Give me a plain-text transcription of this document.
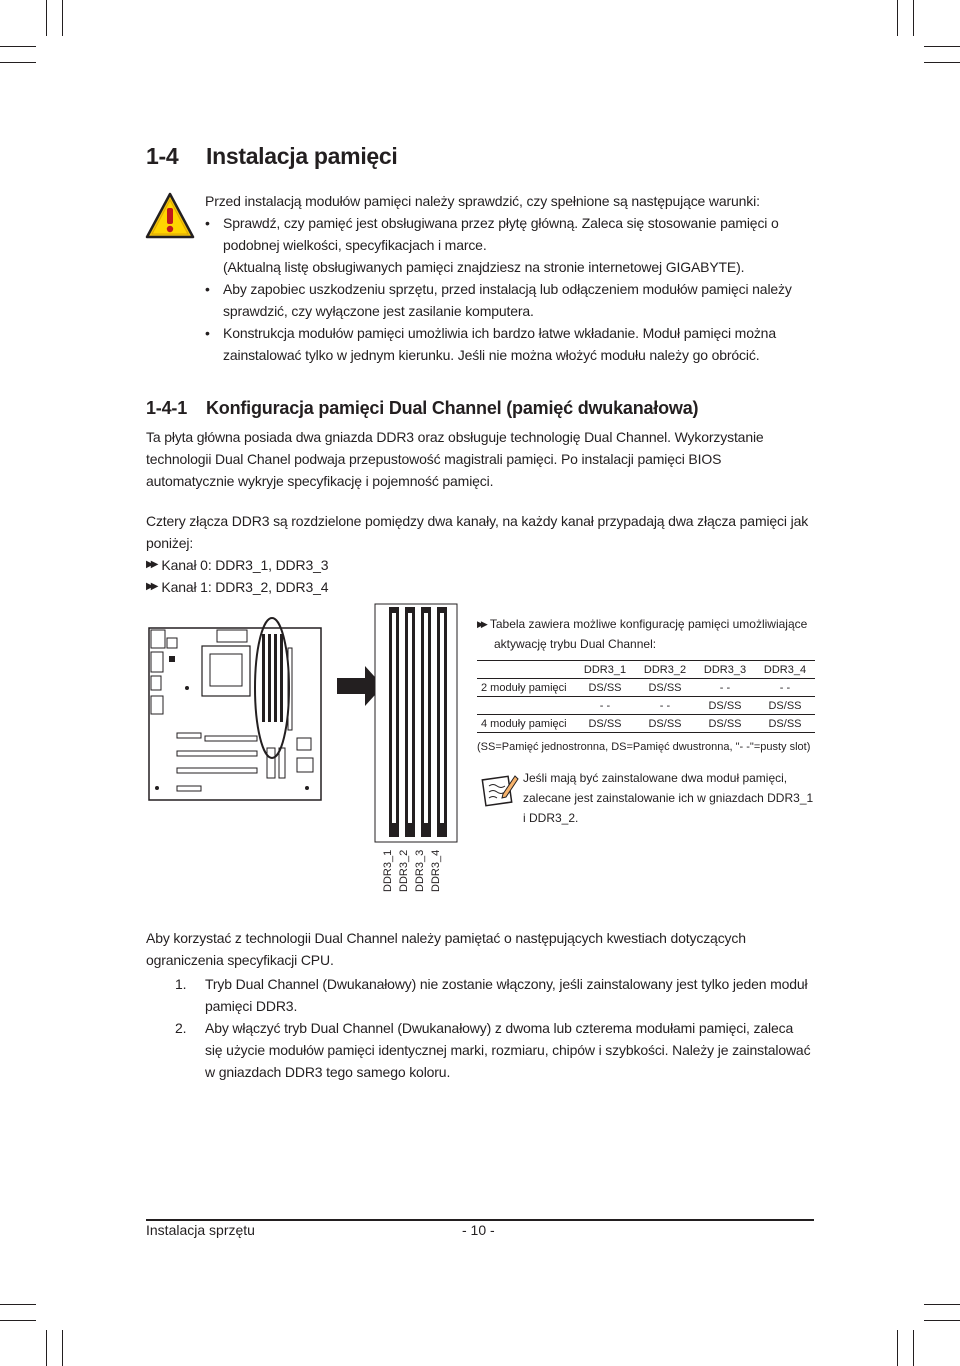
1-4 Instalacja pamięci
Przed instalacją modułów pamięci należy sprawdzić, czy spełnione są następujące warunki:
• Sprawdź, czy pamięć jest obsługiwana przez płytę główną. Zaleca się stosowanie pamięci o
podobnej wielkości, specyfikacjach i marce.
(Aktualną listę obsługiwanych pamięci znajdziesz na stronie internetowej GIGABYTE).
• Aby zapobiec uszkodzeniu sprzętu, przed instalacją lub odłączeniem modułów pamięci należy
sprawdzić, czy wyłączone jest zasilanie komputera.
• Konstrukcja modułów pamięci umożliwia ich bardzo łatwe wkładanie. Moduł pamięci można
zainstalować tylko w jednym kierunku. Jeśli nie można włożyć modułu należy go obrócić.
1-4-1 Konfiguracja pamięci Dual Channel (pamięć dwukanałowa)
Ta płyta główna posiada dwa gniazda DDR3 oraz obsługuje technologię Dual Channel. Wykorzystanie
technologii Dual Chanel podwaja przepustowość magistrali pamięci. Po instalacji pamięci BIOS
automatycznie wykryje specyfikację i pojemność pamięci.
Cztery złącza DDR3 są rozdzielone pomiędzy dwa kanały, na każdy kanał przypadają dwa złącza pamięci jak
poniżej:
▶▶ Kanał 0: DDR3_1, DDR3_3
▶▶ Kanał 1: DDR3_2, DDR3_4
DDR3_1 DDR3_2 DDR3_3 DDR3_4
▶▶ Tabela zawiera możliwe konfigurację pamięci umożliwiające
aktywację trybu Dual Channel:
	DDR3_1	DDR3_2	DDR3_3	DDR3_4
2 moduły pamięci	DS/SS	DS/SS	- -	- -
	- -	- -	DS/SS	DS/SS
4 moduły pamięci	DS/SS	DS/SS	DS/SS	DS/SS
(SS=Pamięć jednostronna, DS=Pamięć dwustronna, "- -"=pusty slot)
Jeśli mają być zainstalowane dwa moduł pamięci,
zalecane jest zainstalowanie ich w gniazdach DDR3_1
i DDR3_2.
Aby korzystać z technologii Dual Channel należy pamiętać o następujących kwestiach dotyczących
ograniczenia specyfikacji CPU.
1.	Tryb Dual Channel (Dwukanałowy) nie zostanie włączony, jeśli zainstalowany jest tylko jeden moduł
pamięci DDR3.
2.	Aby włączyć tryb Dual Channel (Dwukanałowy) z dwoma lub czterema modułami pamięci, zaleca
się użycie modułów pamięci identycznej marki, rozmiaru, chipów i szybkości. Należy je zainstalować
w gniazdach DDR3 tego samego koloru.
Instalacja sprzętu	- 10 -
